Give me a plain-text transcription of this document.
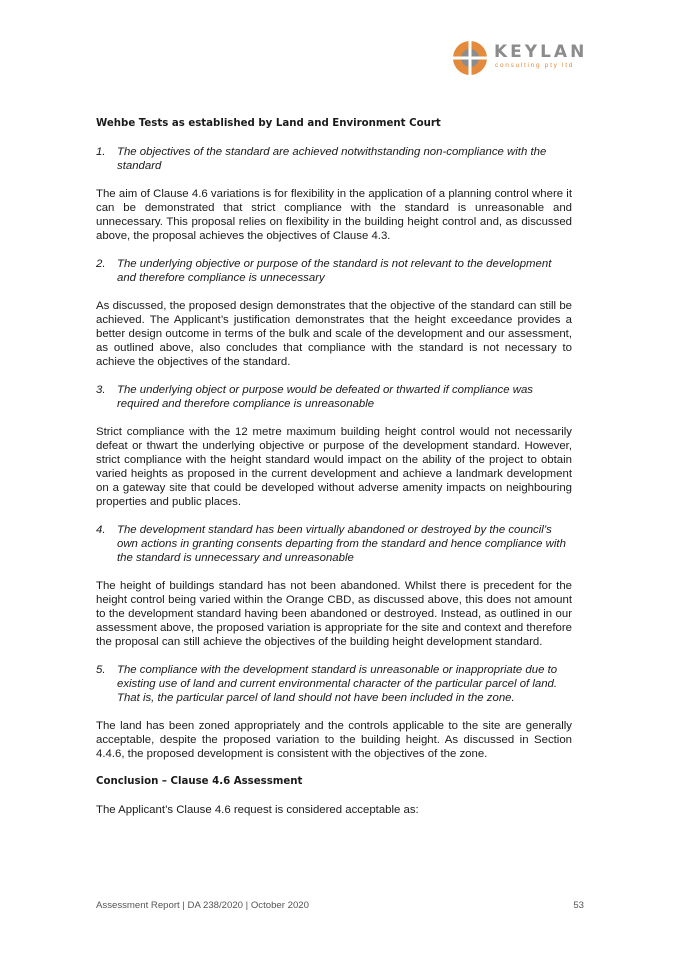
KEYLAN
consulting pty ltd
Wehbe Tests as established by Land and Environment Court
1.	The objectives of the standard are achieved notwithstanding non-compliance with the standard

The aim of Clause 4.6 variations is for flexibility in the application of a planning control where it can be demonstrated that strict compliance with the standard is unreasonable and unnecessary. This proposal relies on flexibility in the building height control and, as discussed above, the proposal achieves the objectives of Clause 4.3.

2.	The underlying objective or purpose of the standard is not relevant to the development and therefore compliance is unnecessary

As discussed, the proposed design demonstrates that the objective of the standard can still be achieved. The Applicant’s justification demonstrates that the height exceedance provides a better design outcome in terms of the bulk and scale of the development and our assessment, as outlined above, also concludes that compliance with the standard is not necessary to achieve the objectives of the standard.

3.	The underlying object or purpose would be defeated or thwarted if compliance was required and therefore compliance is unreasonable

Strict compliance with the 12 metre maximum building height control would not necessarily defeat or thwart the underlying objective or purpose of the development standard. However, strict compliance with the height standard would impact on the ability of the project to obtain varied heights as proposed in the current development and achieve a landmark development on a gateway site that could be developed without adverse amenity impacts on neighbouring properties and public places.

4.	The development standard has been virtually abandoned or destroyed by the council’s own actions in granting consents departing from the standard and hence compliance with the standard is unnecessary and unreasonable

The height of buildings standard has not been abandoned. Whilst there is precedent for the height control being varied within the Orange CBD, as discussed above, this does not amount to the development standard having been abandoned or destroyed. Instead, as outlined in our assessment above, the proposed variation is appropriate for the site and context and therefore the proposal can still achieve the objectives of the building height development standard.

5.	The compliance with the development standard is unreasonable or inappropriate due to existing use of land and current environmental character of the particular parcel of land. That is, the particular parcel of land should not have been included in the zone.

The land has been zoned appropriately and the controls applicable to the site are generally acceptable, despite the proposed variation to the building height. As discussed in Section 4.4.6, the proposed development is consistent with the objectives of the zone.

Conclusion – Clause 4.6 Assessment

The Applicant’s Clause 4.6 request is considered acceptable as:

Assessment Report | DA 238/2020 | October 2020	53
